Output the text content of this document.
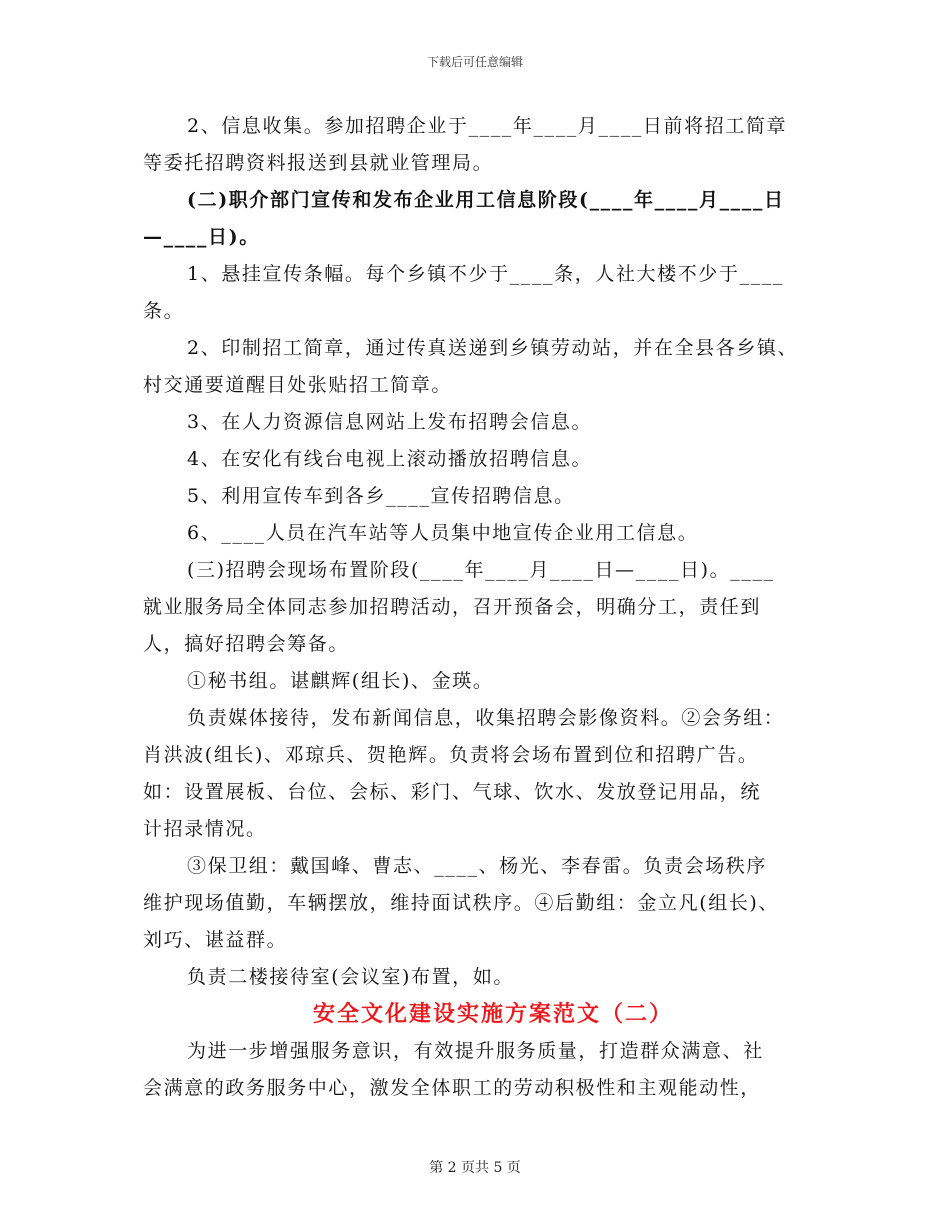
下载后可任意编辑
2、信息收集。参加招聘企业于____年____月____日前将招工简章
等委托招聘资料报送到县就业管理局。
(二)职介部门宣传和发布企业用工信息阶段(____年____月____日
—____日)。
1、悬挂宣传条幅。每个乡镇不少于____条，人社大楼不少于____
条。
2、印制招工简章，通过传真送递到乡镇劳动站，并在全县各乡镇、
村交通要道醒目处张贴招工简章。
3、在人力资源信息网站上发布招聘会信息。
4、在安化有线台电视上滚动播放招聘信息。
5、利用宣传车到各乡____宣传招聘信息。
6、____人员在汽车站等人员集中地宣传企业用工信息。
(三)招聘会现场布置阶段(____年____月____日—____日)。____
就业服务局全体同志参加招聘活动，召开预备会，明确分工，责任到
人，搞好招聘会筹备。
①秘书组。谌麒辉(组长)、金瑛。
负责媒体接待，发布新闻信息，收集招聘会影像资料。②会务组：
肖洪波(组长)、邓琼兵、贺艳辉。负责将会场布置到位和招聘广告。
如：设置展板、台位、会标、彩门、气球、饮水、发放登记用品，统
计招录情况。
③保卫组：戴国峰、曹志、____、杨光、李春雷。负责会场秩序
维护现场值勤，车辆摆放，维持面试秩序。④后勤组：金立凡(组长)、
刘巧、谌益群。
负责二楼接待室(会议室)布置，如。
安全文化建设实施方案范文（二）
为进一步增强服务意识，有效提升服务质量，打造群众满意、社
会满意的政务服务中心，激发全体职工的劳动积极性和主观能动性，
第 2 页共 5 页
